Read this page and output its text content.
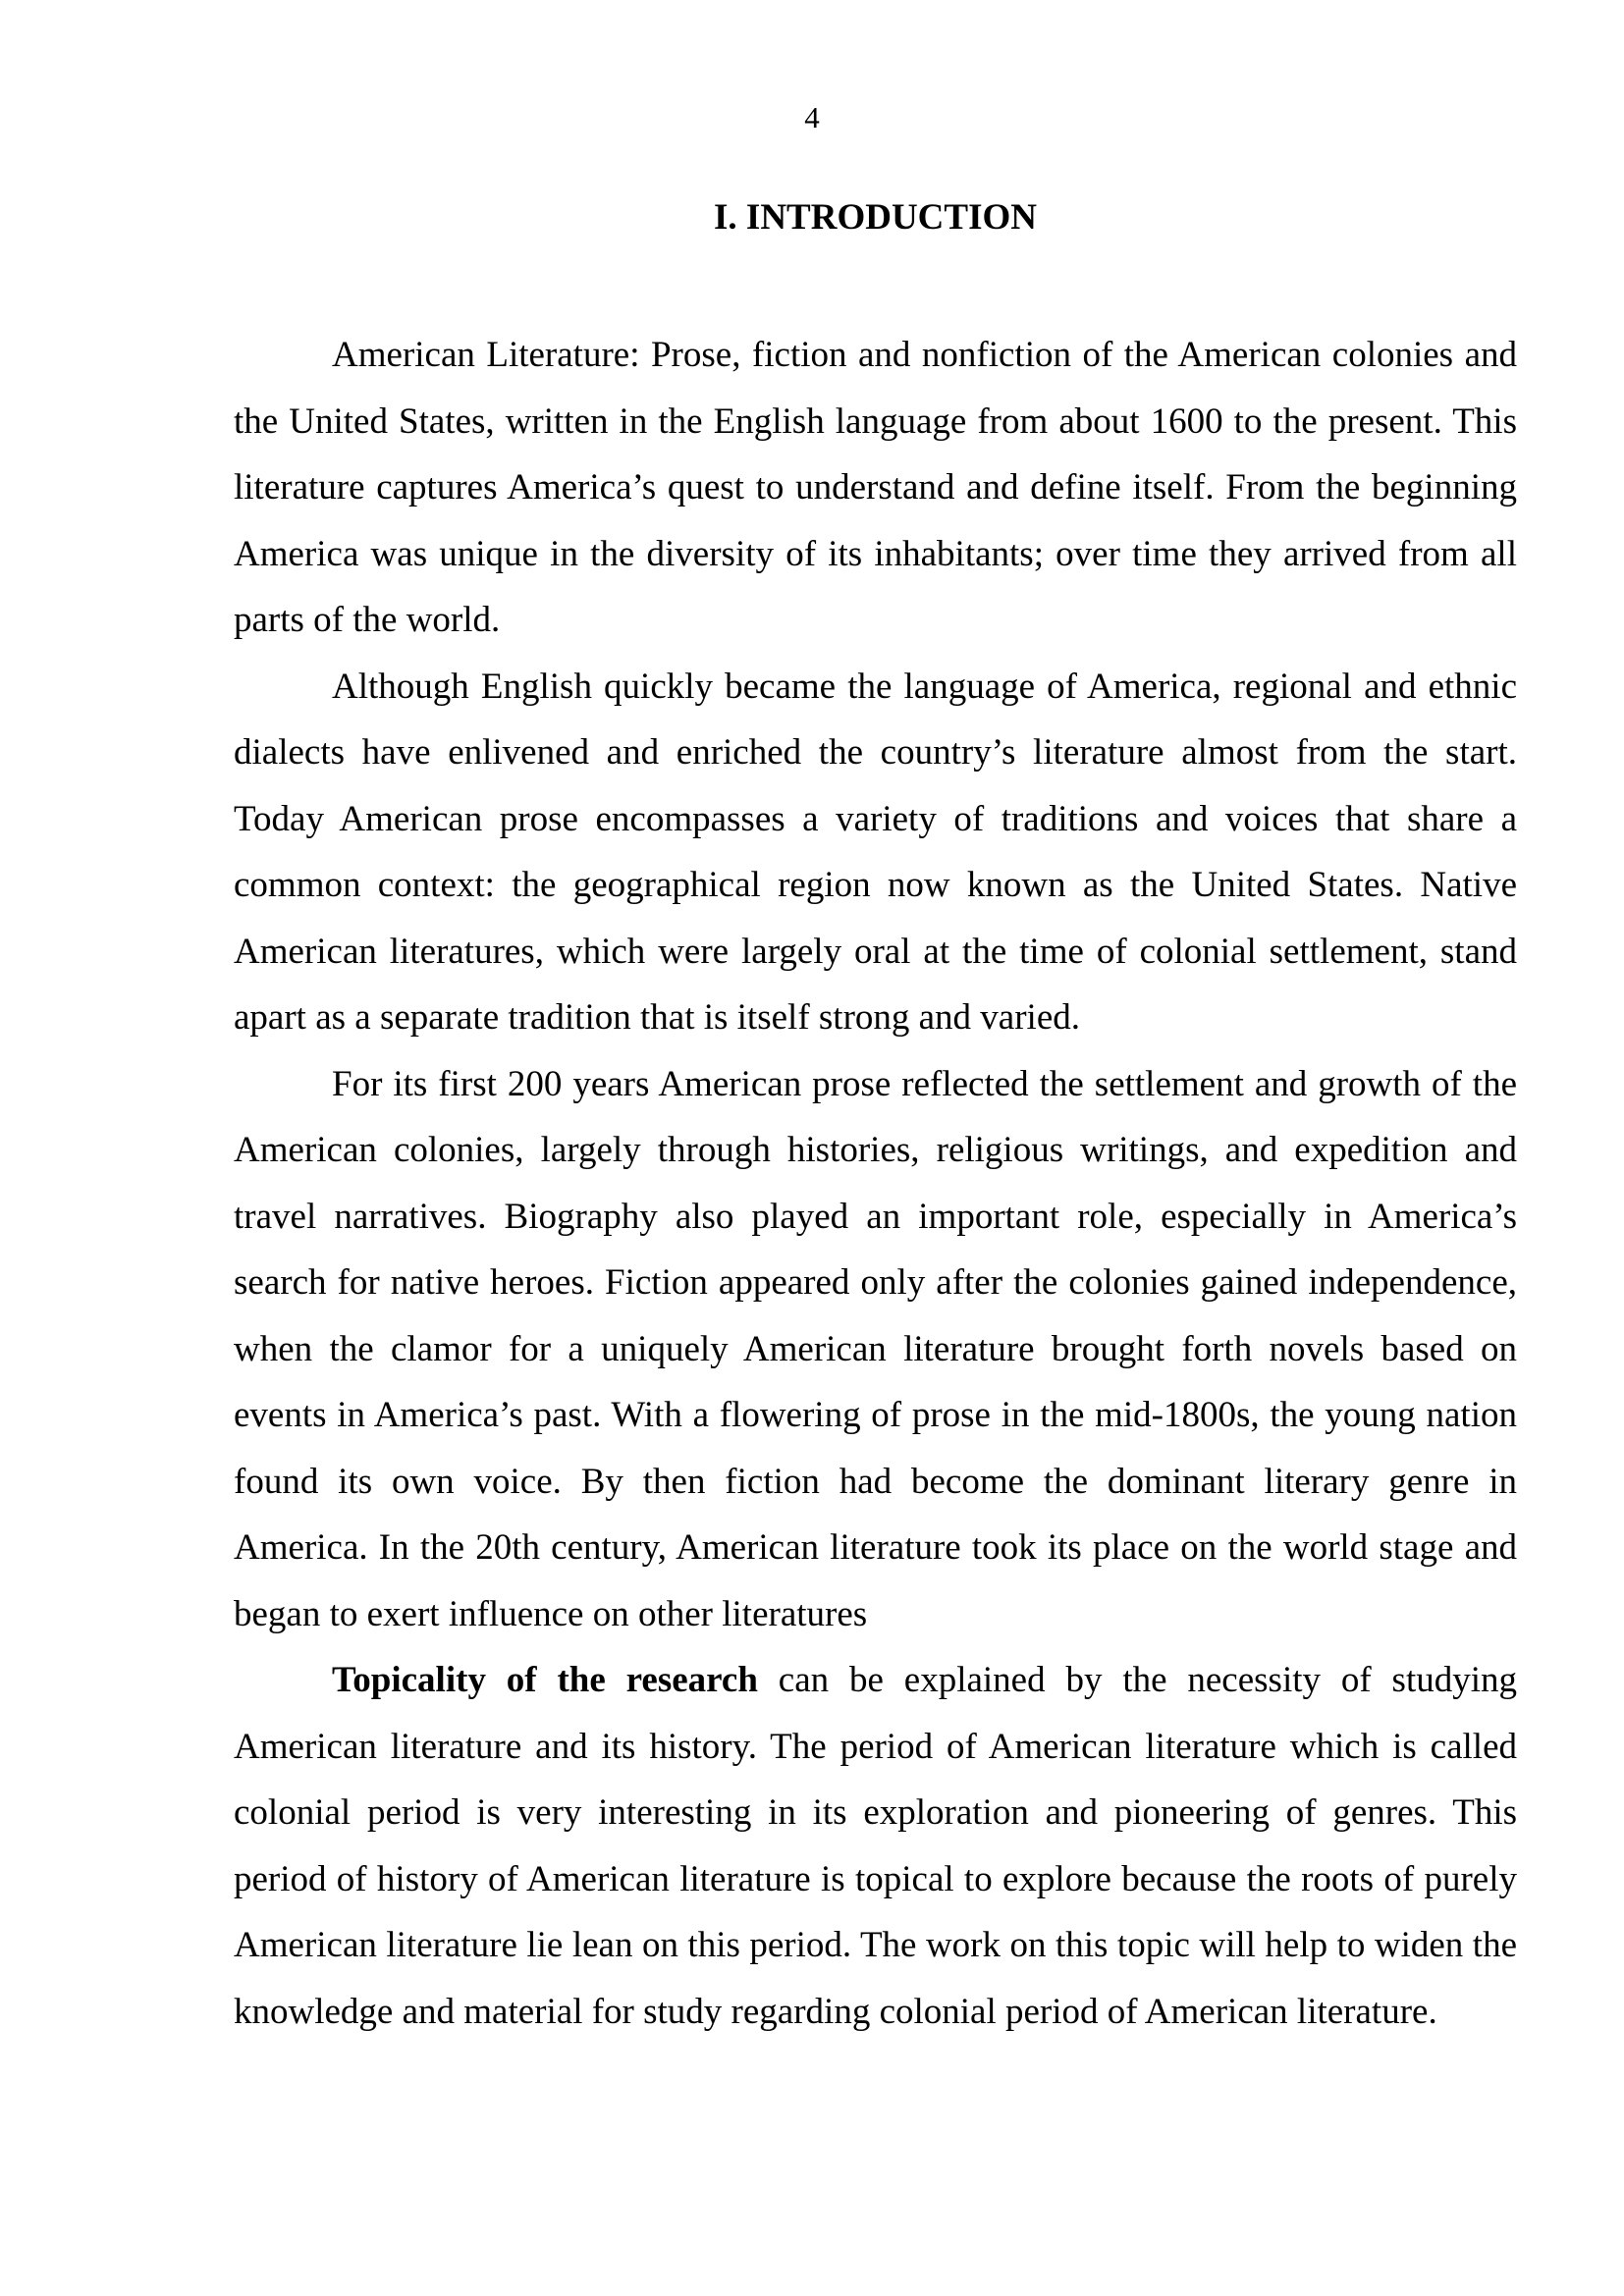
4
I. INTRODUCTION

American Literature: Prose, fiction and nonfiction of the American colonies and the United States, written in the English language from about 1600 to the present. This literature captures America’s quest to understand and define itself. From the beginning America was unique in the diversity of its inhabitants; over time they arrived from all parts of the world.

Although English quickly became the language of America, regional and ethnic dialects have enlivened and enriched the country’s literature almost from the start. Today American prose encompasses a variety of traditions and voices that share a common context: the geographical region now known as the United States. Native American literatures, which were largely oral at the time of colonial settlement, stand apart as a separate tradition that is itself strong and varied.

For its first 200 years American prose reflected the settlement and growth of the American colonies, largely through histories, religious writings, and expedition and travel narratives. Biography also played an important role, especially in America’s search for native heroes. Fiction appeared only after the colonies gained independence, when the clamor for a uniquely American literature brought forth novels based on events in America’s past. With a flowering of prose in the mid-1800s, the young nation found its own voice. By then fiction had become the dominant literary genre in America. In the 20th century, American literature took its place on the world stage and began to exert influence on other literatures

Topicality of the research can be explained by the necessity of studying American literature and its history. The period of American literature which is called colonial period is very interesting in its exploration and pioneering of genres. This period of history of American literature is topical to explore because the roots of purely American literature lie lean on this period. The work on this topic will help to widen the knowledge and material for study regarding colonial period of American literature.
